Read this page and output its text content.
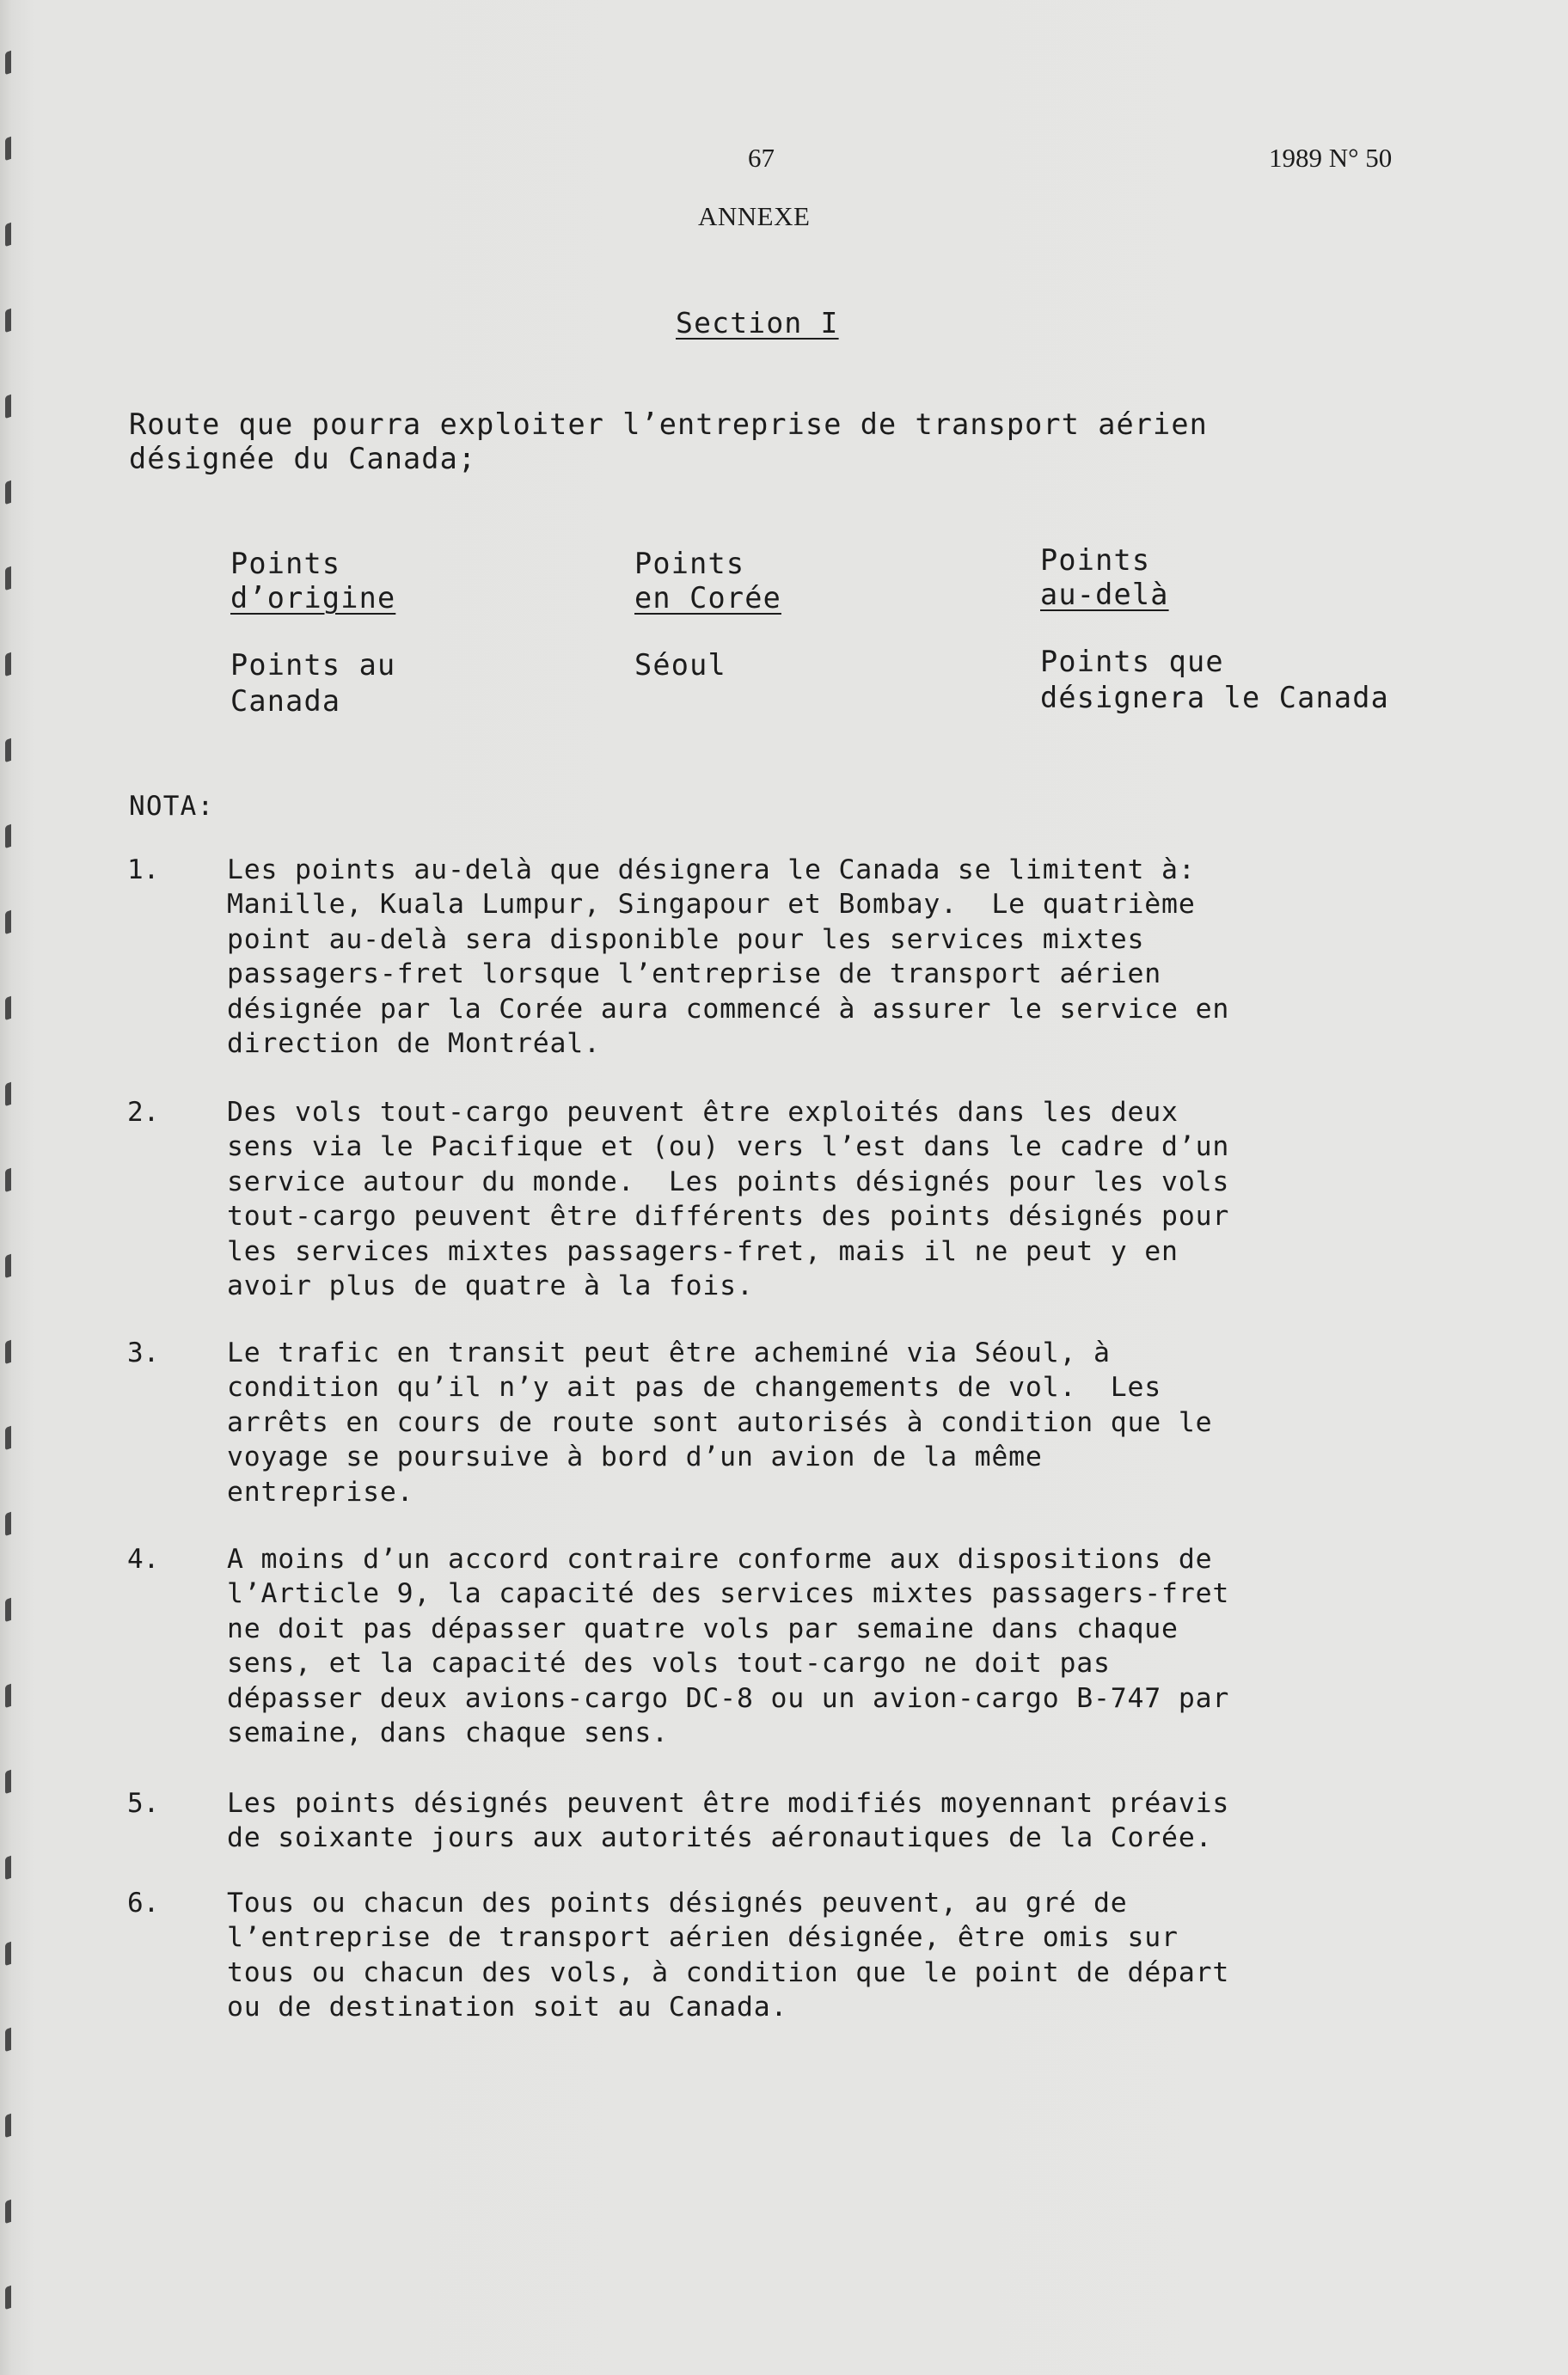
67	1989 N° 50
ANNEXE
Section I
Route que pourra exploiter l’entreprise de transport aérien
désignée du Canada;
Points
d’origine
Points au
Canada
Points
en Corée
Séoul
Points
au-delà
Points que
désignera le Canada
NOTA:
1. Les points au-delà que désignera le Canada se limitent à:
Manille, Kuala Lumpur, Singapour et Bombay.  Le quatrième
point au-delà sera disponible pour les services mixtes
passagers-fret lorsque l’entreprise de transport aérien
désignée par la Corée aura commencé à assurer le service en
direction de Montréal.
2. Des vols tout-cargo peuvent être exploités dans les deux
sens via le Pacifique et (ou) vers l’est dans le cadre d’un
service autour du monde.  Les points désignés pour les vols
tout-cargo peuvent être différents des points désignés pour
les services mixtes passagers-fret, mais il ne peut y en
avoir plus de quatre à la fois.
3. Le trafic en transit peut être acheminé via Séoul, à
condition qu’il n’y ait pas de changements de vol.  Les
arrêts en cours de route sont autorisés à condition que le
voyage se poursuive à bord d’un avion de la même
entreprise.
4. A moins d’un accord contraire conforme aux dispositions de
l’Article 9, la capacité des services mixtes passagers-fret
ne doit pas dépasser quatre vols par semaine dans chaque
sens, et la capacité des vols tout-cargo ne doit pas
dépasser deux avions-cargo DC-8 ou un avion-cargo B-747 par
semaine, dans chaque sens.
5. Les points désignés peuvent être modifiés moyennant préavis
de soixante jours aux autorités aéronautiques de la Corée.
6. Tous ou chacun des points désignés peuvent, au gré de
l’entreprise de transport aérien désignée, être omis sur
tous ou chacun des vols, à condition que le point de départ
ou de destination soit au Canada.
